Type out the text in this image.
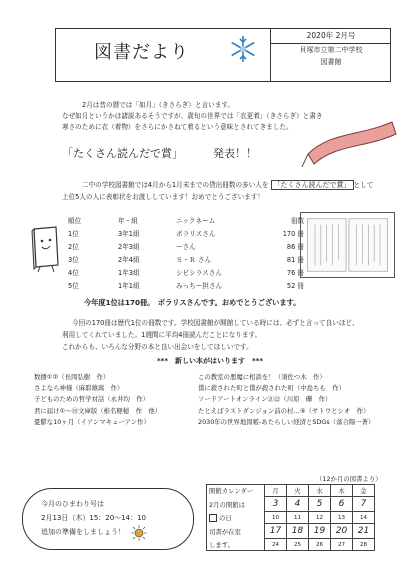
図書だより
2020年 2月号
貝塚市立第二中学校
図書館
2月は昔の暦では「如月」（きさらぎ）と言います。
なぜ如月というかは諸説あるそうですが、歳旬の世界では「衣更着」（きさらぎ）と書き
寒さのために衣（着物）をさらにかさねて着るという意味とされてきました。
「たくさん読んだで賞」	発表！！
二中の学校図書館では4月から1月末までの貸出冊数の多い人を 「たくさん読んだで賞」 として
上位5人の人に表彰状をお渡ししています！おめでとうございます！
順位	年・組	ニックネーム	冊数
1位	3年1組	ポラリスさん	170 冊
2位	2年3組	ーさん	86 冊
3位	2年4組	Ｓ・Ｒ さん	81 冊
4位	1年3組	シビシラスさん	76 冊
5位	1年1組	みっちー担さん	52 冊
今年度1位は170冊。　ポラリスさんです。おめでとうございます。
今回の170冊は歴代1位の冊数です。学校図書館が開館している時には、必ずと言って良いほど、
利用してくれていました。1週間に平均4冊読んだことになります。
これからも、いろんな分野の本と良い出会いをしてほしいです。
***　新しい本がはいります　***
数播①②（長岡弘樹　作）
さよなら神様（麻耶雄嵩　作）
子どものための哲学対話（永井均　作）
君に届け①〜⑱文庫版（椎名軽穂　作　他）
憂鬱な10ヶ月（イアンマキューアン作）
この教室の悪魔に相談を！（須佐つ木　作）
僕に殺された町と僕が殺された町（中島ちも　作）
ソードアートオンライン㉑㉒（川原　礫　作）
たとえばラストダンジョン前の村…⑤（サトウとシオ　作）
2030年の世界地図帳-あたらしい経済とSDGs（落合陽一著）
今月のひまわり号は
2月13日（木）15：20〜14：10
追加の準備をしましょう！
（12か月の図書より）
開館カレンダー	月	火	水	木	金
2月の開館は	3	4	5	6	7
の日	10	11	12	13	14
司書が在室	17	18	19	20	21
します。	24	25	26	27	28
